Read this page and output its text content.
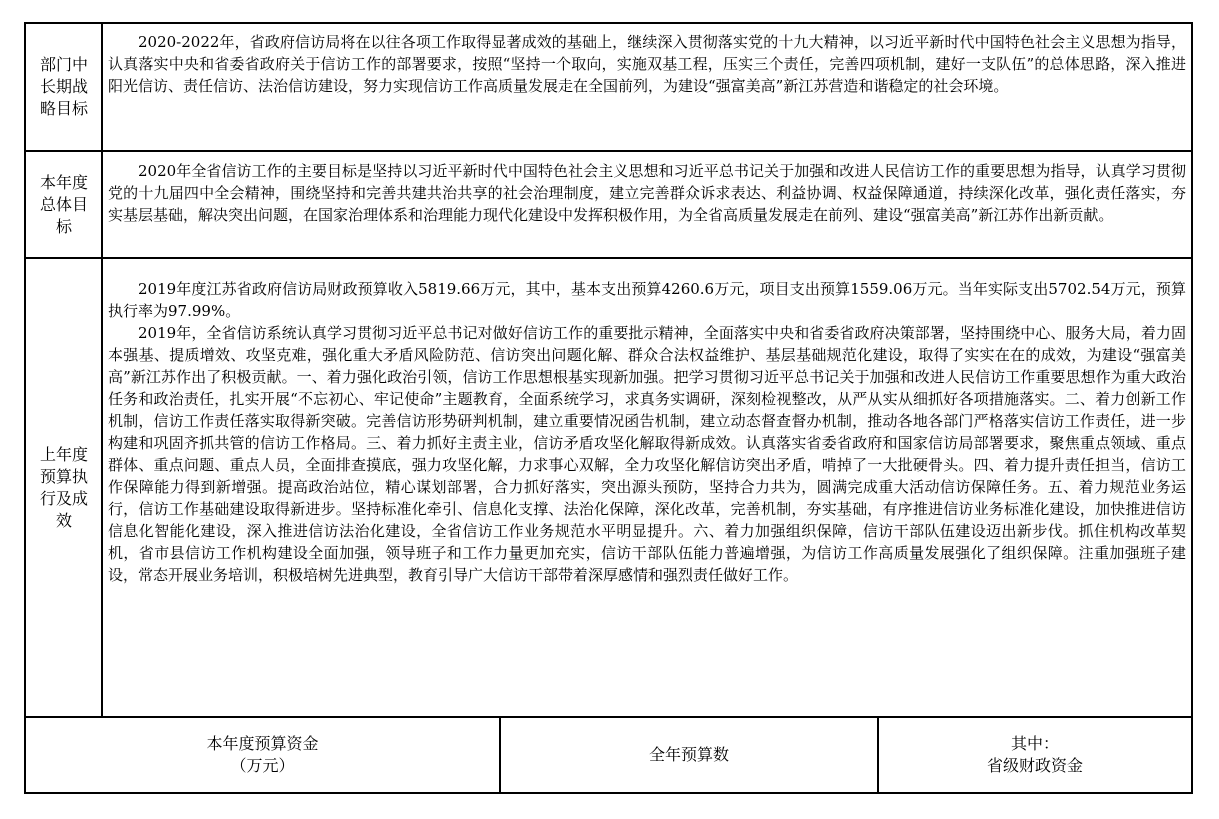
部门中长期战略目标

2020-2022年，省政府信访局将在以往各项工作取得显著成效的基础上，继续深入贯彻落实党的十九大精神，以习近平新时代中国特色社会主义思想为指导，认真落实中央和省委省政府关于信访工作的部署要求，按照“坚持一个取向，实施双基工程，压实三个责任，完善四项机制，建好一支队伍”的总体思路，深入推进阳光信访、责任信访、法治信访建设，努力实现信访工作高质量发展走在全国前列，为建设“强富美高”新江苏营造和谐稳定的社会环境。

本年度总体目标

2020年全省信访工作的主要目标是坚持以习近平新时代中国特色社会主义思想和习近平总书记关于加强和改进人民信访工作的重要思想为指导，认真学习贯彻党的十九届四中全会精神，围绕坚持和完善共建共治共享的社会治理制度，建立完善群众诉求表达、利益协调、权益保障通道，持续深化改革，强化责任落实，夯实基层基础，解决突出问题，在国家治理体系和治理能力现代化建设中发挥积极作用，为全省高质量发展走在前列、建设“强富美高”新江苏作出新贡献。

上年度预算执行及成效

2019年度江苏省政府信访局财政预算收入5819.66万元，其中，基本支出预算4260.6万元，项目支出预算1559.06万元。当年实际支出5702.54万元，预算执行率为97.99%。

2019年，全省信访系统认真学习贯彻习近平总书记对做好信访工作的重要批示精神，全面落实中央和省委省政府决策部署，坚持围绕中心、服务大局，着力固本强基、提质增效、攻坚克难，强化重大矛盾风险防范、信访突出问题化解、群众合法权益维护、基层基础规范化建设，取得了实实在在的成效，为建设“强富美高”新江苏作出了积极贡献。一、着力强化政治引领，信访工作思想根基实现新加强。把学习贯彻习近平总书记关于加强和改进人民信访工作重要思想作为重大政治任务和政治责任，扎实开展“不忘初心、牢记使命”主题教育，全面系统学习，求真务实调研，深刻检视整改，从严从实从细抓好各项措施落实。二、着力创新工作机制，信访工作责任落实取得新突破。完善信访形势研判机制，建立重要情况函告机制，建立动态督查督办机制，推动各地各部门严格落实信访工作责任，进一步构建和巩固齐抓共管的信访工作格局。三、着力抓好主责主业，信访矛盾攻坚化解取得新成效。认真落实省委省政府和国家信访局部署要求，聚焦重点领域、重点群体、重点问题、重点人员，全面排查摸底，强力攻坚化解，力求事心双解，全力攻坚化解信访突出矛盾，啃掉了一大批硬骨头。四、着力提升责任担当，信访工作保障能力得到新增强。提高政治站位，精心谋划部署，合力抓好落实，突出源头预防，坚持合力共为，圆满完成重大活动信访保障任务。五、着力规范业务运行，信访工作基础建设取得新进步。坚持标准化牵引、信息化支撑、法治化保障，深化改革，完善机制，夯实基础，有序推进信访业务标准化建设，加快推进信访信息化智能化建设，深入推进信访法治化建设，全省信访工作业务规范水平明显提升。六、着力加强组织保障，信访干部队伍建设迈出新步伐。抓住机构改革契机，省市县信访工作机构建设全面加强，领导班子和工作力量更加充实，信访干部队伍能力普遍增强，为信访工作高质量发展强化了组织保障。注重加强班子建设，常态开展业务培训，积极培树先进典型，教育引导广大信访干部带着深厚感情和强烈责任做好工作。

本年度预算资金
（万元）
全年预算数
其中：
省级财政资金
